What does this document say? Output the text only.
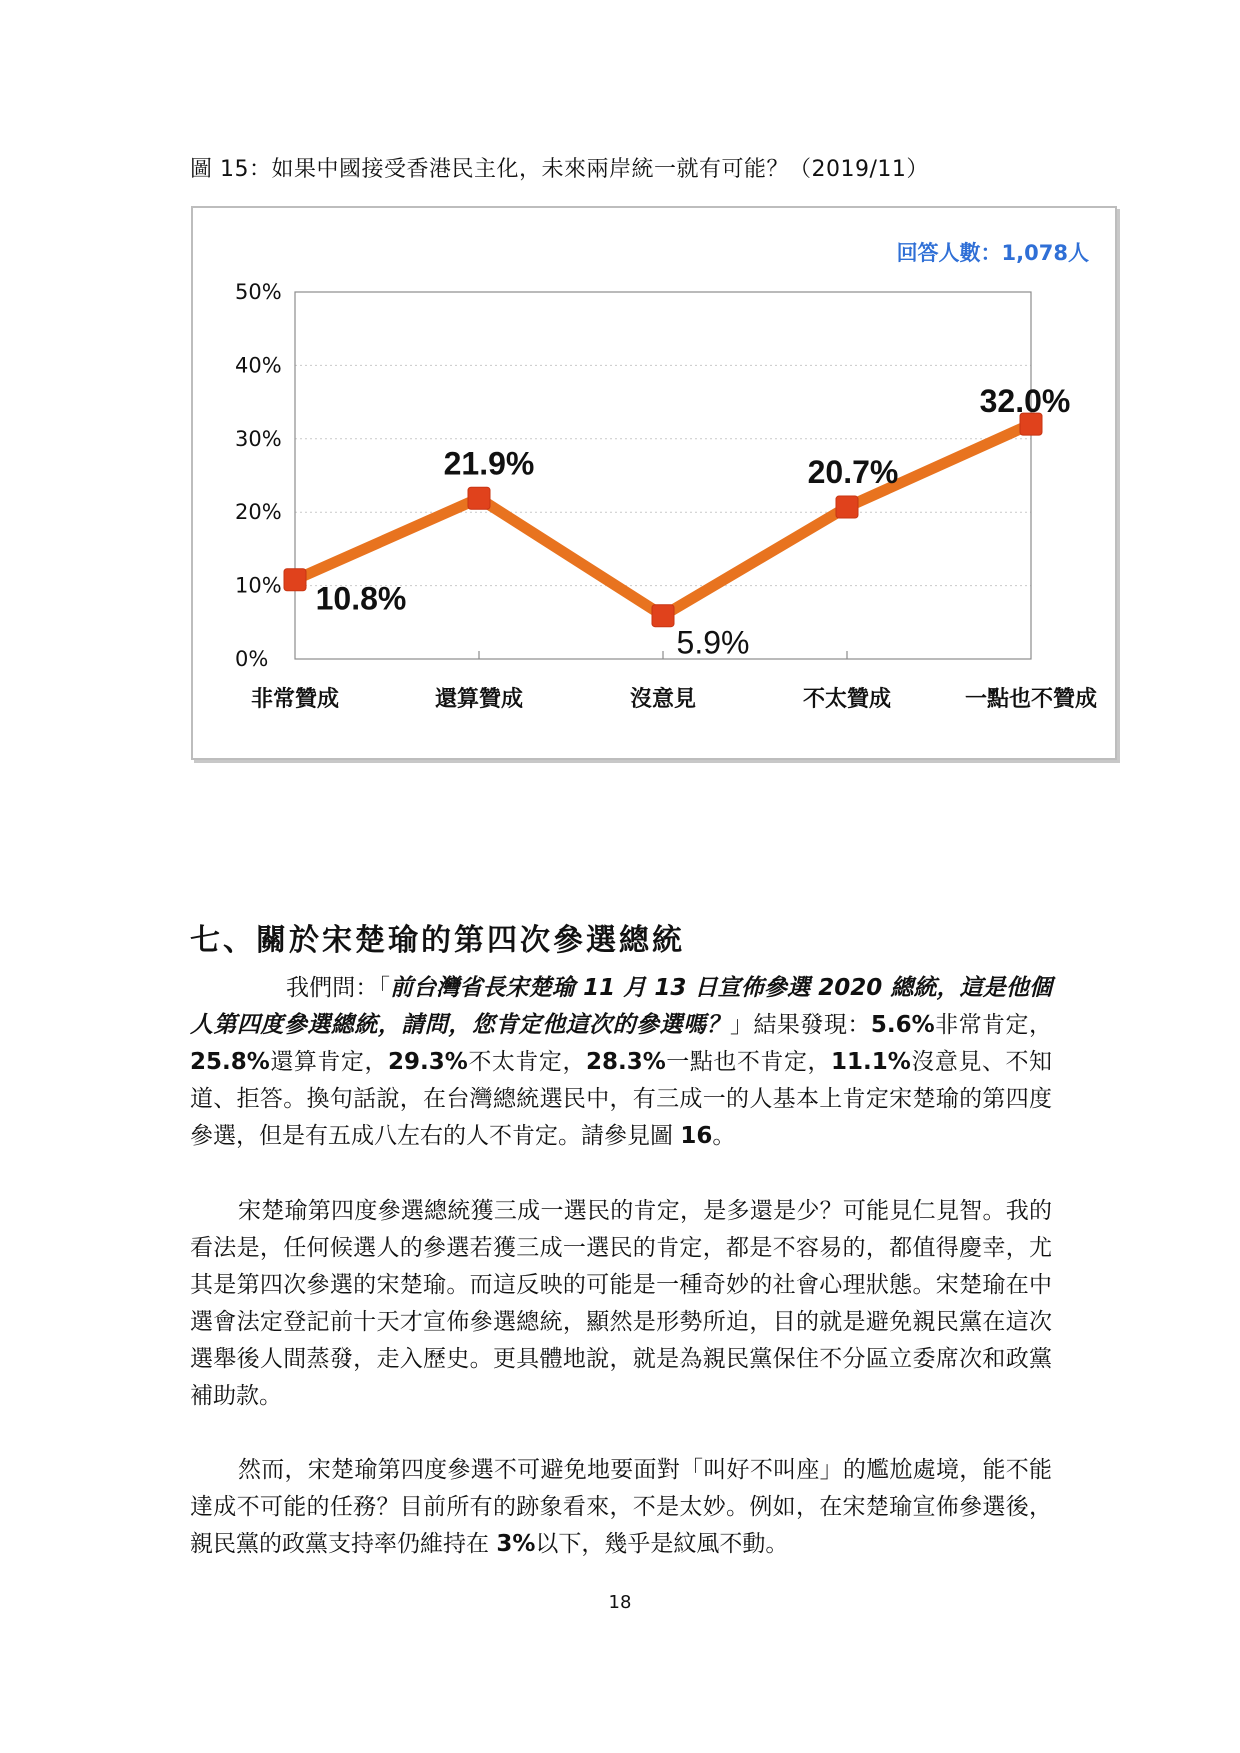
圖 15：如果中國接受香港民主化，未來兩岸統一就有可能？（2019/11）
回答人數：1,078人
0%
10%
20%
30%
40%
50%
非常贊成	還算贊成	沒意見	不太贊成	一點也不贊成
10.8%
21.9%
5.9%
20.7%
32.0%
七、關於宋楚瑜的第四次參選總統

我們問：「前台灣省長宋楚瑜 11 月 13 日宣佈參選 2020 總統，這是他個人第四度參選總統，請問，您肯定他這次的參選嗎？」結果發現：5.6%非常肯定，25.8%還算肯定，29.3%不太肯定，28.3%一點也不肯定，11.1%沒意見、不知道、拒答。換句話說，在台灣總統選民中，有三成一的人基本上肯定宋楚瑜的第四度參選，但是有五成八左右的人不肯定。請參見圖 16。

宋楚瑜第四度參選總統獲三成一選民的肯定，是多還是少？可能見仁見智。我的看法是，任何候選人的參選若獲三成一選民的肯定，都是不容易的，都值得慶幸，尤其是第四次參選的宋楚瑜。而這反映的可能是一種奇妙的社會心理狀態。宋楚瑜在中選會法定登記前十天才宣佈參選總統，顯然是形勢所迫，目的就是避免親民黨在這次選舉後人間蒸發，走入歷史。更具體地說，就是為親民黨保住不分區立委席次和政黨補助款。

然而，宋楚瑜第四度參選不可避免地要面對「叫好不叫座」的尷尬處境，能不能達成不可能的任務？目前所有的跡象看來，不是太妙。例如，在宋楚瑜宣佈參選後，親民黨的政黨支持率仍維持在 3%以下，幾乎是紋風不動。

18
